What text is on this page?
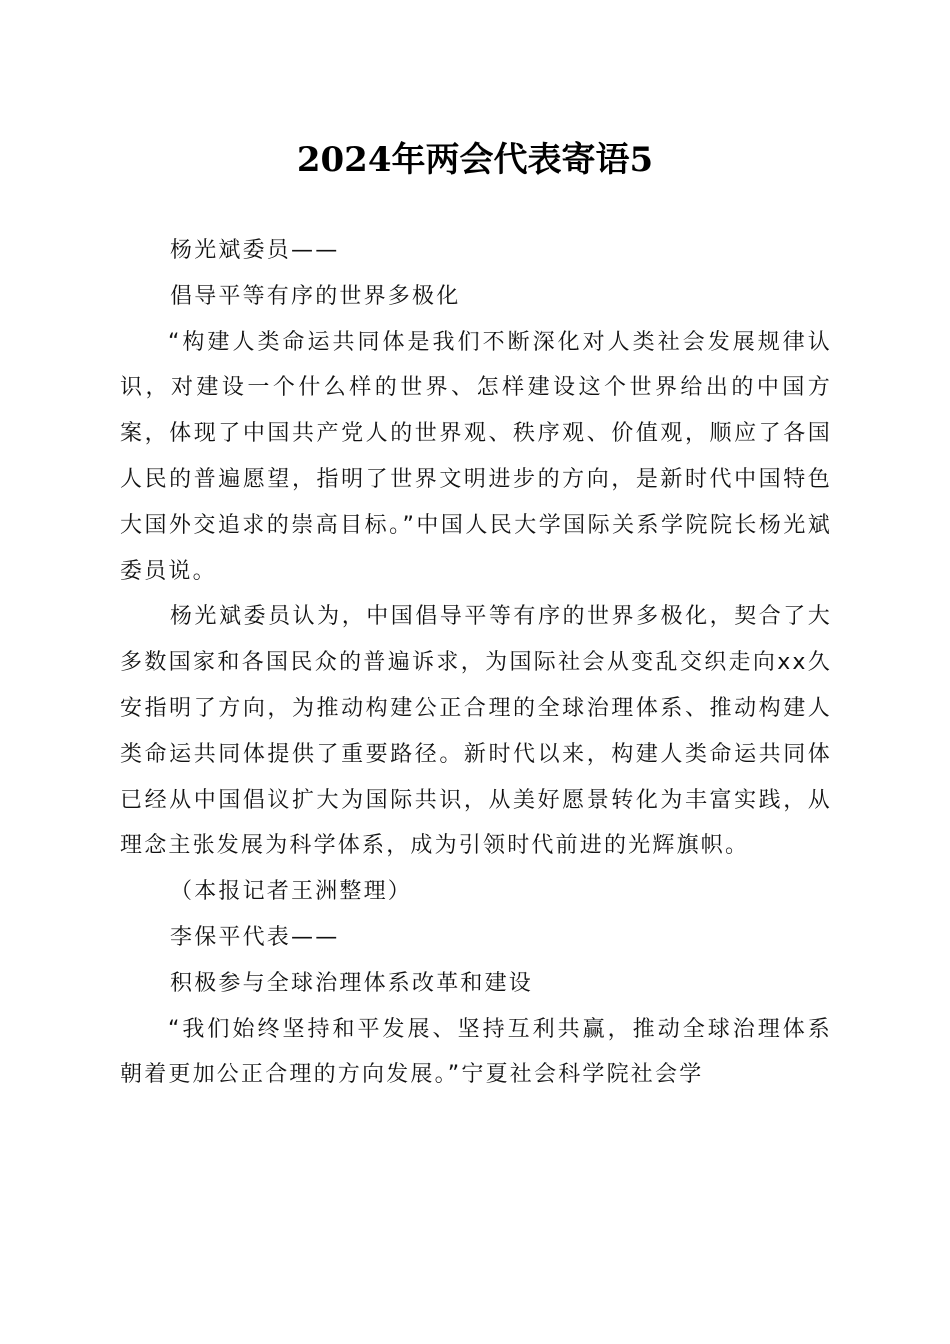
2024年两会代表寄语5

杨光斌委员——

倡导平等有序的世界多极化

“构建人类命运共同体是我们不断深化对人类社会发展规律认识，对建设一个什么样的世界、怎样建设这个世界给出的中国方案，体现了中国共产党人的世界观、秩序观、价值观，顺应了各国人民的普遍愿望，指明了世界文明进步的方向，是新时代中国特色大国外交追求的崇高目标。”中国人民大学国际关系学院院长杨光斌委员说。

杨光斌委员认为，中国倡导平等有序的世界多极化，契合了大多数国家和各国民众的普遍诉求，为国际社会从变乱交织走向xx久安指明了方向，为推动构建公正合理的全球治理体系、推动构建人类命运共同体提供了重要路径。新时代以来，构建人类命运共同体已经从中国倡议扩大为国际共识，从美好愿景转化为丰富实践，从理念主张发展为科学体系，成为引领时代前进的光辉旗帜。

（本报记者王洲整理）

李保平代表——

积极参与全球治理体系改革和建设

“我们始终坚持和平发展、坚持互利共赢，推动全球治理体系朝着更加公正合理的方向发展。”宁夏社会科学院社会学
